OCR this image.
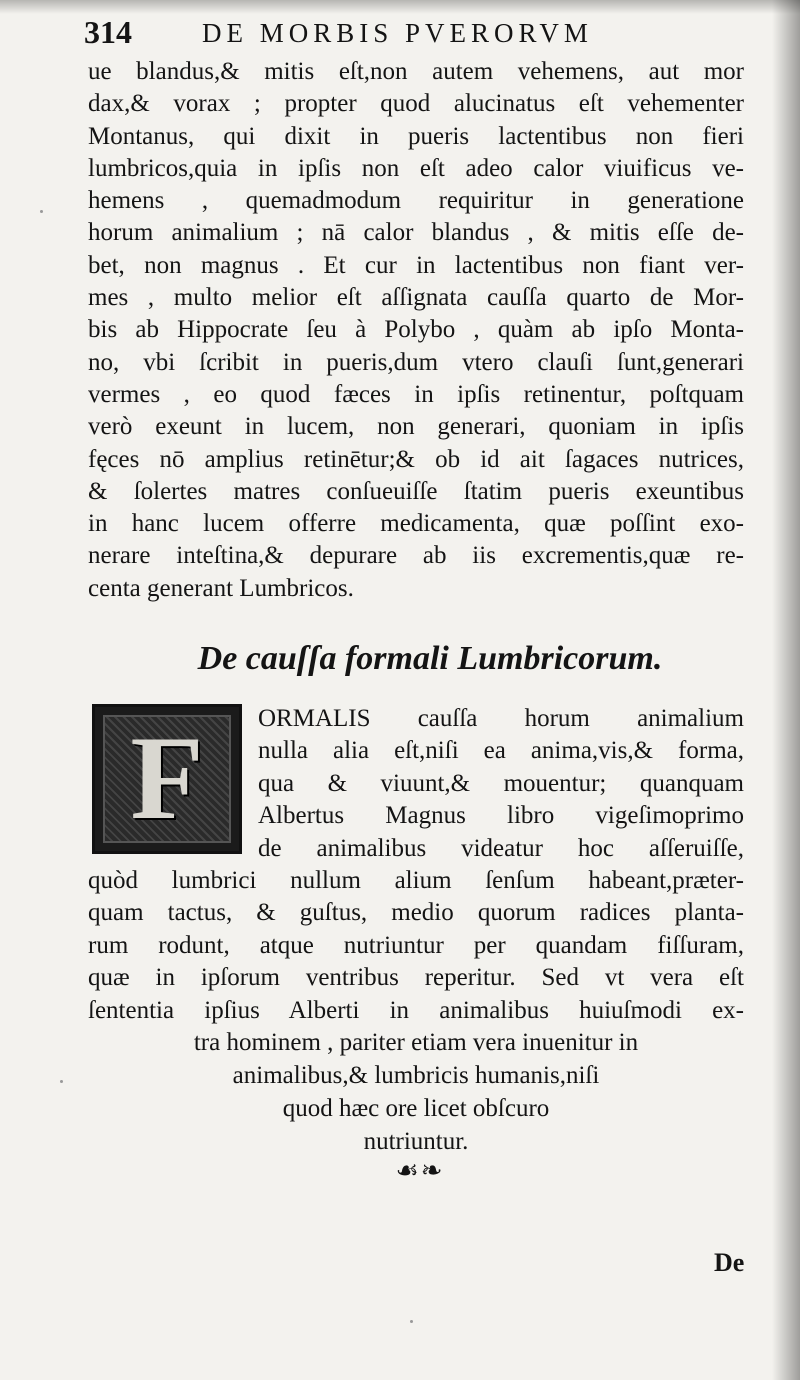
314	DE MORBIS PVERORVM
ue blandus,& mitis eſt,non autem vehemens, aut mor
dax,& vorax ; propter quod alucinatus eſt vehementer
Montanus, qui dixit in pueris lactentibus non fieri
lumbricos,quia in ipſis non eſt adeo calor viuificus ve-
hemens , quemadmodum requiritur in generatione
horum animalium ; nā calor blandus , & mitis eſſe de-
bet, non magnus . Et cur in lactentibus non fiant ver-
mes , multo melior eſt aſſignata cauſſa quarto de Mor-
bis ab Hippocrate ſeu à Polybo , quàm ab ipſo Monta-
no, vbi ſcribit in pueris,dum vtero clauſi ſunt,generari
vermes , eo quod fæces in ipſis retinentur, poſtquam
verò exeunt in lucem, non generari, quoniam in ipſis
fęces nō amplius retinētur;& ob id ait ſagaces nutrices,
& ſolertes matres conſueuiſſe ſtatim pueris exeuntibus
in hanc lucem offerre medicamenta, quæ poſſint exo-
nerare inteſtina,& depurare ab iis excrementis,quæ re-
centa generant Lumbricos.
De cauſſa formali Lumbricorum.
F	ORMALIS cauſſa horum animalium
nulla alia eſt,niſi ea anima,vis,& forma,
qua & viuunt,& mouentur; quanquam
Albertus Magnus libro vigeſimoprimo
de animalibus videatur hoc aſſeruiſſe,
quòd lumbrici nullum alium ſenſum habeant,præter-
quam tactus, & guſtus, medio quorum radices planta-
rum rodunt, atque nutriuntur per quandam fiſſuram,
quæ in ipſorum ventribus reperitur. Sed vt vera eſt
ſententia ipſius Alberti in animalibus huiuſmodi ex-
tra hominem , pariter etiam vera inuenitur in
animalibus,& lumbricis humanis,niſi
quod hæc ore licet obſcuro
nutriuntur.
☙❧
De
